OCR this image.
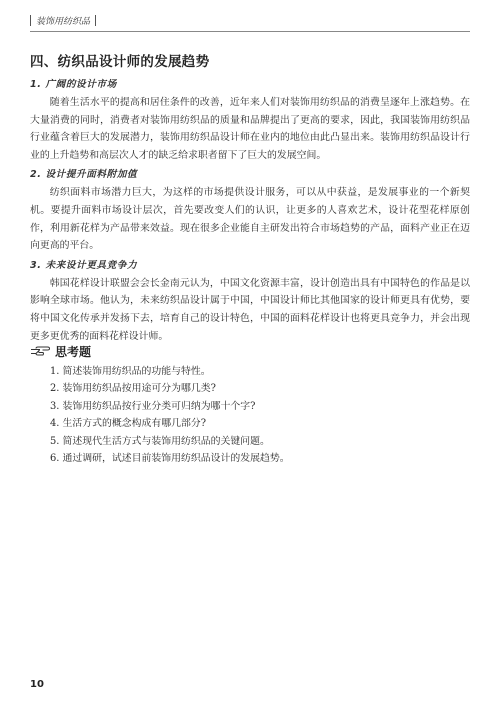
装饰用纺织品
四、纺织品设计师的发展趋势
1. 广阔的设计市场
随着生活水平的提高和居住条件的改善，近年来人们对装饰用纺织品的消费呈逐年上涨趋势。在大量消费的同时，消费者对装饰用纺织品的质量和品牌提出了更高的要求，因此，我国装饰用纺织品行业蕴含着巨大的发展潜力，装饰用纺织品设计师在业内的地位由此凸显出来。装饰用纺织品设计行业的上升趋势和高层次人才的缺乏给求职者留下了巨大的发展空间。
2. 设计提升面料附加值
纺织面料市场潜力巨大，为这样的市场提供设计服务，可以从中获益，是发展事业的一个新契机。要提升面料市场设计层次，首先要改变人们的认识，让更多的人喜欢艺术，设计花型花样原创作，利用新花样为产品带来效益。现在很多企业能自主研发出符合市场趋势的产品，面料产业正在迈向更高的平台。
3. 未来设计更具竞争力
韩国花样设计联盟会会长金南元认为，中国文化资源丰富，设计创造出具有中国特色的作品是以影响全球市场。他认为，未来纺织品设计属于中国，中国设计师比其他国家的设计师更具有优势，要将中国文化传承并发扬下去，培育自己的设计特色，中国的面料花样设计也将更具竞争力，并会出现更多更优秀的面料花样设计师。
思考题
1. 简述装饰用纺织品的功能与特性。
2. 装饰用纺织品按用途可分为哪几类?
3. 装饰用纺织品按行业分类可归纳为哪十个字?
4. 生活方式的概念构成有哪几部分?
5. 简述现代生活方式与装饰用纺织品的关键问题。
6. 通过调研，试述目前装饰用纺织品设计的发展趋势。
10
